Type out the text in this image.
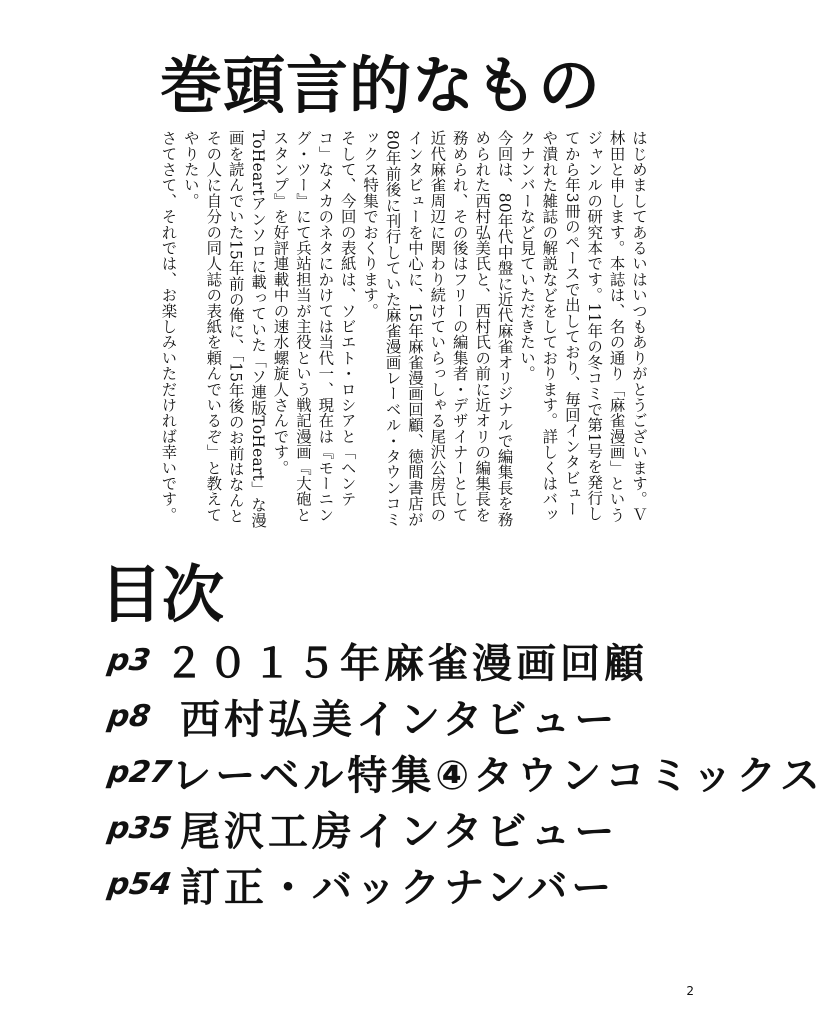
巻頭言的なもの

はじめましてあるいはいつもありがとうございます。Ｖ林田と申します。本誌は、名の通り「麻雀漫画」というジャンルの研究本です。11年の冬コミで第1号を発行してから年3冊のペースで出しており、毎回インタビューや潰れた雑誌の解説などをしております。詳しくはバックナンバーなど見ていただきたい。

今回は、80年代中盤に近代麻雀オリジナルで編集長を務められた西村弘美氏と、西村氏の前に近オリの編集長を務められ、その後はフリーの編集者・デザイナーとして近代麻雀周辺に関わり続けていらっしゃる尾沢公房氏のインタビューを中心に、15年麻雀漫画回顧、徳間書店が80年前後に刊行していた麻雀漫画レーベル・タウンコミックス特集でおくります。

そして、今回の表紙は、ソビエト・ロシアと「ヘンテコ」なメカのネタにかけては当代一、現在は『モーニング・ツー』にて兵站担当が主役という戦記漫画『大砲とスタンプ』を好評連載中の速水螺旋人さんです。ToHeartアンソロに載っていた「ソ連版ToHeart」な漫画を読んでいた15年前の俺に、「15年後のお前はなんとその人に自分の同人誌の表紙を頼んでいるぞ」と教えてやりたい。

さてさて、それでは、お楽しみいただければ幸いです。

目次
p3 ２０１５年麻雀漫画回顧
p8 西村弘美インタビュー
p27
レーベル特集④タウンコミックス
p35 尾沢工房インタビュー
p54 訂正・バックナンバー
2
